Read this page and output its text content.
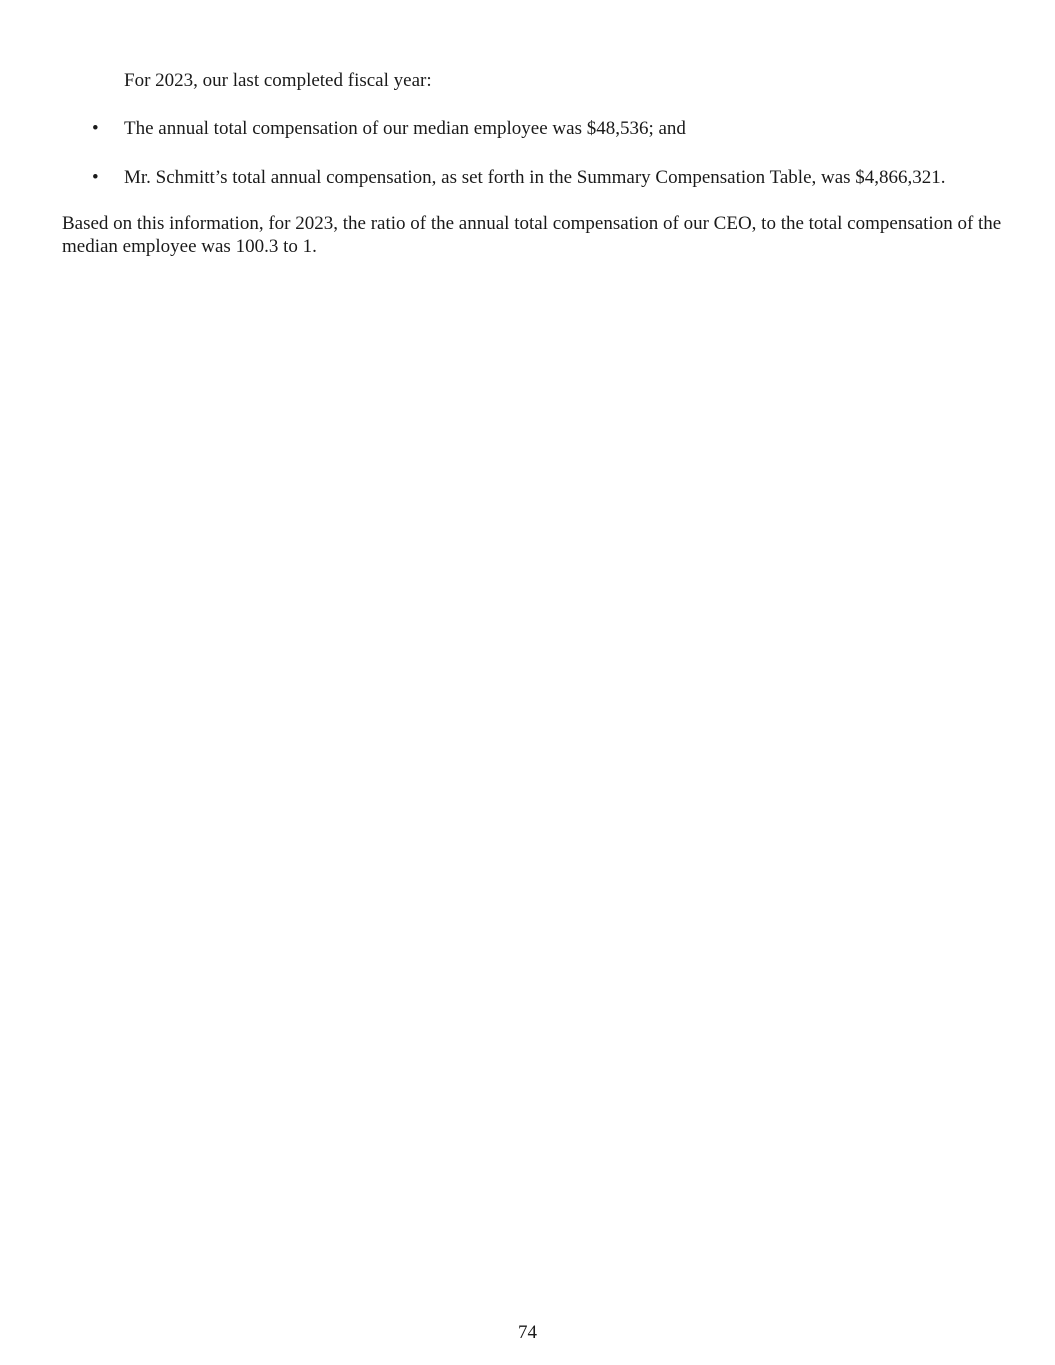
For 2023, our last completed fiscal year:

• The annual total compensation of our median employee was $48,536; and
• Mr. Schmitt’s total annual compensation, as set forth in the Summary Compensation Table, was $4,866,321.

Based on this information, for 2023, the ratio of the annual total compensation of our CEO, to the total compensation of the median employee was 100.3 to 1.

74
